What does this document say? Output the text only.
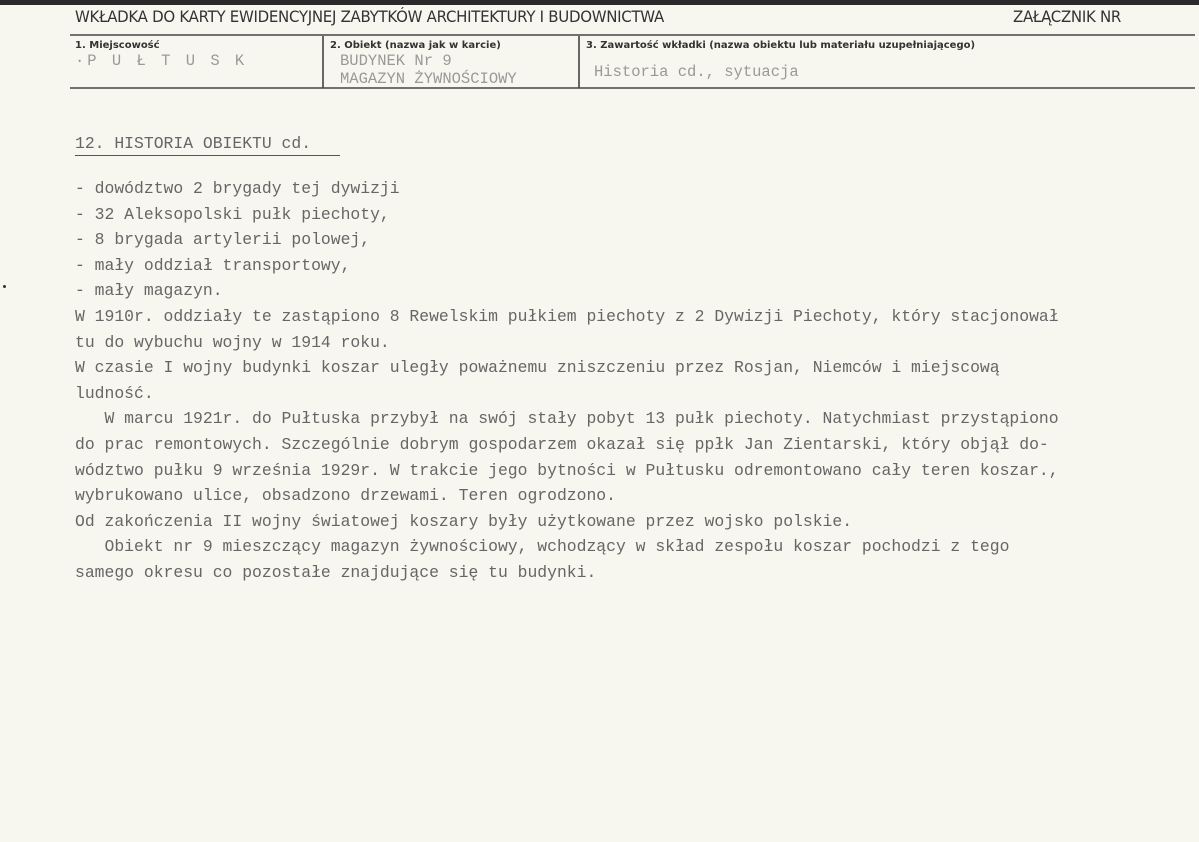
WKŁADKA DO KARTY EWIDENCYJNEJ ZABYTKÓW ARCHITEKTURY I BUDOWNICTWA	ZAŁĄCZNIK NR
1. Miejscowość
·P U Ł T U S K
2. Obiekt (nazwa jak w karcie)
BUDYNEK Nr 9
MAGAZYN ŻYWNOŚCIOWY
3. Zawartość wkładki (nazwa obiektu lub materiału uzupełniającego)
Historia cd., sytuacja
12. HISTORIA OBIEKTU cd.
- dowództwo 2 brygady tej dywizji
- 32 Aleksopolski pułk piechoty,
- 8 brygada artylerii polowej,
- mały oddział transportowy,
- mały magazyn.
W 1910r. oddziały te zastąpiono 8 Rewelskim pułkiem piechoty z 2 Dywizji Piechoty, który stacjonował
tu do wybuchu wojny w 1914 roku.
W czasie I wojny budynki koszar uległy poważnemu zniszczeniu przez Rosjan, Niemców i miejscową
ludność.
W marcu 1921r. do Pułtuska przybył na swój stały pobyt 13 pułk piechoty. Natychmiast przystąpiono
do prac remontowych. Szczególnie dobrym gospodarzem okazał się ppłk Jan Zientarski, który objął do-
wództwo pułku 9 września 1929r. W trakcie jego bytności w Pułtusku odremontowano cały teren koszar.,
wybrukowano ulice, obsadzono drzewami. Teren ogrodzono.
Od zakończenia II wojny światowej koszary były użytkowane przez wojsko polskie.
Obiekt nr 9 mieszczący magazyn żywnościowy, wchodzący w skład zespołu koszar pochodzi z tego
samego okresu co pozostałe znajdujące się tu budynki.
